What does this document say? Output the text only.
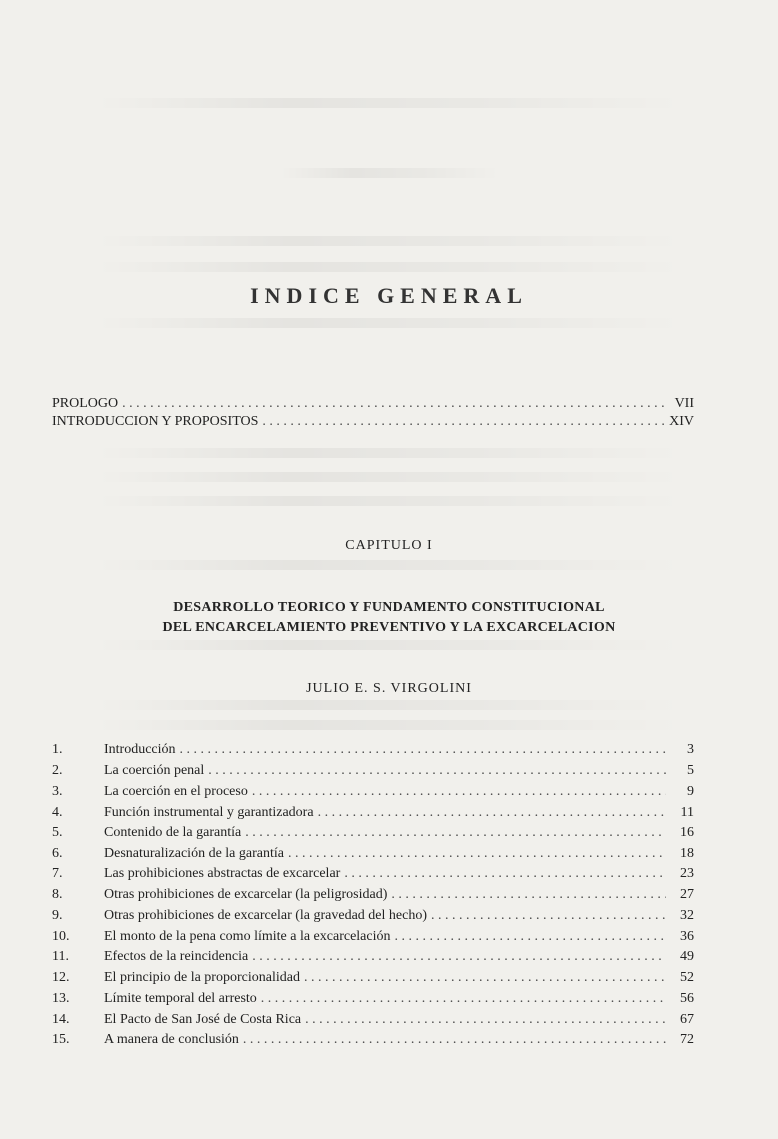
INDICE GENERAL
PROLOGO . . .	VII
INTRODUCCION Y PROPOSITOS . . .	XIV
CAPITULO I
DESARROLLO TEORICO Y FUNDAMENTO CONSTITUCIONAL
DEL ENCARCELAMIENTO PREVENTIVO Y LA EXCARCELACION
JULIO E. S. VIRGOLINI
1.	Introducción . . .	3
2.	La coerción penal . . .	5
3.	La coerción en el proceso . . .	9
4.	Función instrumental y garantizadora . . .	11
5.	Contenido de la garantía . . .	16
6.	Desnaturalización de la garantía . . .	18
7.	Las prohibiciones abstractas de excarcelar . . .	23
8.	Otras prohibiciones de excarcelar (la peligrosidad) . . .	27
9.	Otras prohibiciones de excarcelar (la gravedad del hecho) . . .	32
10.	El monto de la pena como límite a la excarcelación . . .	36
11.	Efectos de la reincidencia . . .	49
12.	El principio de la proporcionalidad . . .	52
13.	Límite temporal del arresto . . .	56
14.	El Pacto de San José de Costa Rica . . .	67
15.	A manera de conclusión . . .	72
